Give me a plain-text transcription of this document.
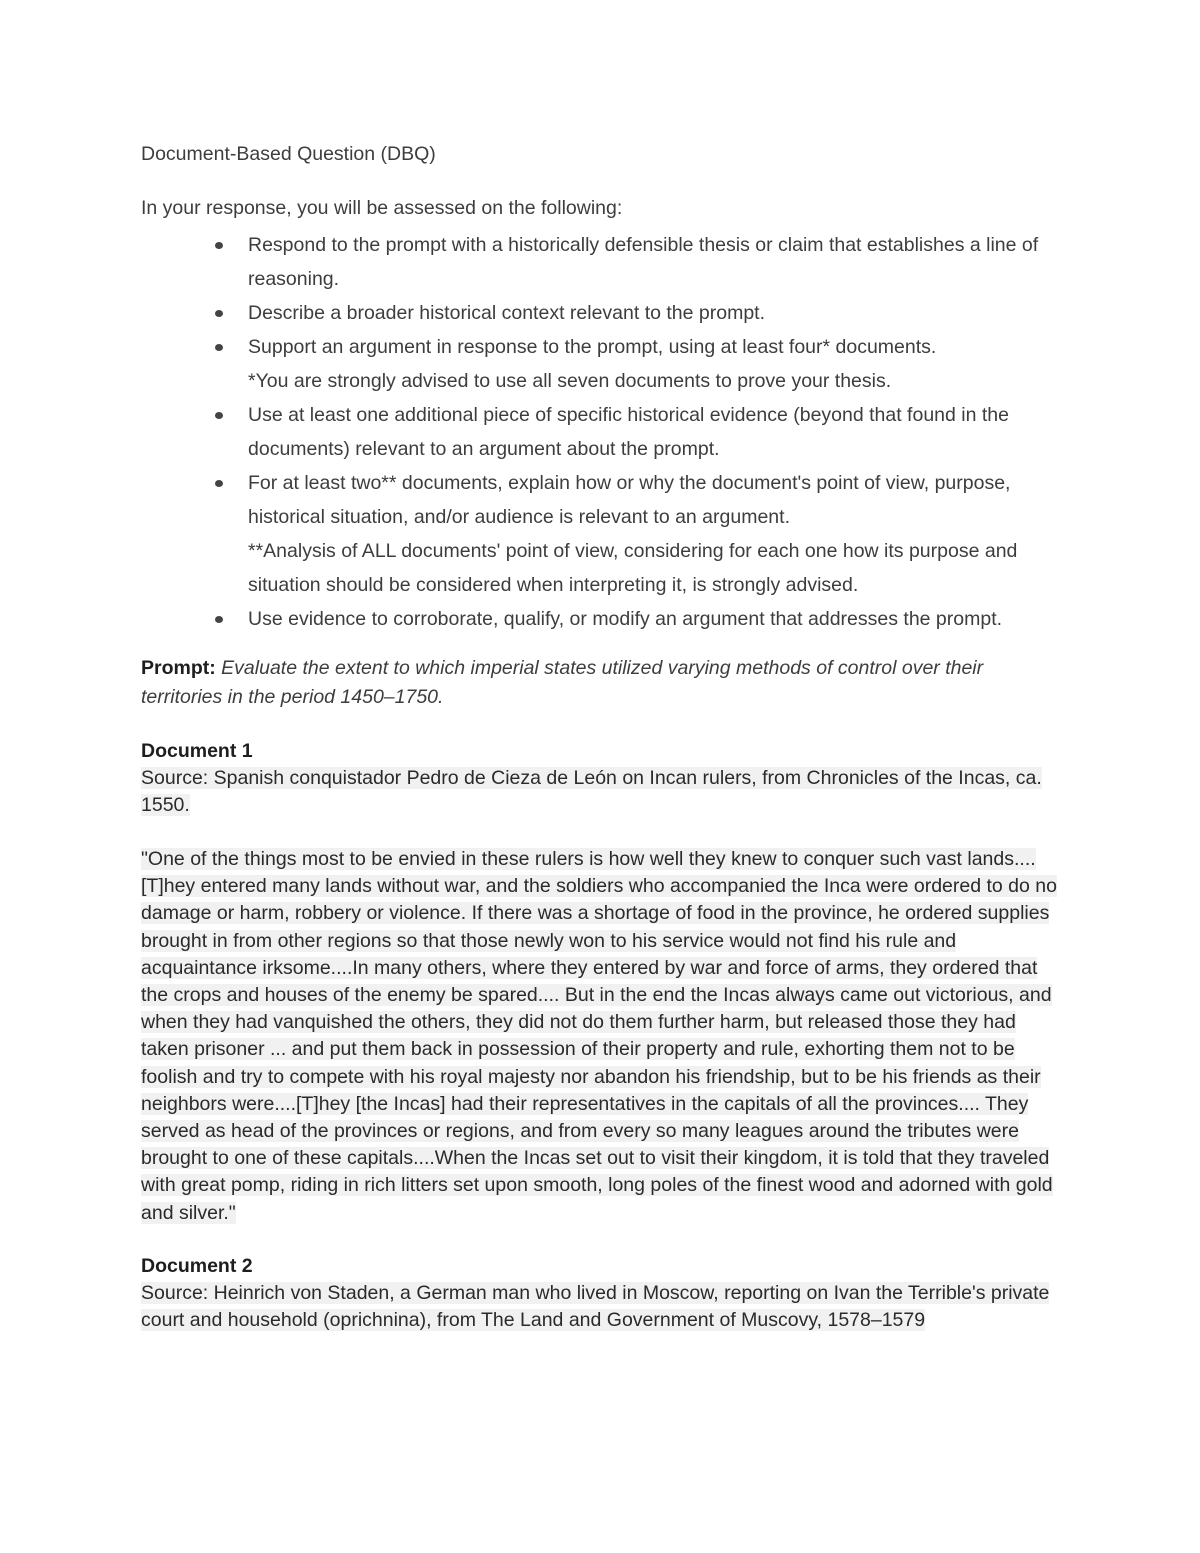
Document-Based Question (DBQ)

In your response, you will be assessed on the following:

Respond to the prompt with a historically defensible thesis or claim that establishes a line of reasoning.
Describe a broader historical context relevant to the prompt.
Support an argument in response to the prompt, using at least four* documents.
*You are strongly advised to use all seven documents to prove your thesis.
Use at least one additional piece of specific historical evidence (beyond that found in the documents) relevant to an argument about the prompt.
For at least two** documents, explain how or why the document's point of view, purpose, historical situation, and/or audience is relevant to an argument.
**Analysis of ALL documents' point of view, considering for each one how its purpose and situation should be considered when interpreting it, is strongly advised.
Use evidence to corroborate, qualify, or modify an argument that addresses the prompt.

Prompt: Evaluate the extent to which imperial states utilized varying methods of control over their territories in the period 1450–1750.

Document 1

Source: Spanish conquistador Pedro de Cieza de León on Incan rulers, from Chronicles of the Incas, ca. 1550.

"One of the things most to be envied in these rulers is how well they knew to conquer such vast lands....[T]hey entered many lands without war, and the soldiers who accompanied the Inca were ordered to do no damage or harm, robbery or violence. If there was a shortage of food in the province, he ordered supplies brought in from other regions so that those newly won to his service would not find his rule and acquaintance irksome....In many others, where they entered by war and force of arms, they ordered that the crops and houses of the enemy be spared.... But in the end the Incas always came out victorious, and when they had vanquished the others, they did not do them further harm, but released those they had taken prisoner ... and put them back in possession of their property and rule, exhorting them not to be foolish and try to compete with his royal majesty nor abandon his friendship, but to be his friends as their neighbors were....[T]hey [the Incas] had their representatives in the capitals of all the provinces.... They served as head of the provinces or regions, and from every so many leagues around the tributes were brought to one of these capitals....When the Incas set out to visit their kingdom, it is told that they traveled with great pomp, riding in rich litters set upon smooth, long poles of the finest wood and adorned with gold and silver."

Document 2

Source: Heinrich von Staden, a German man who lived in Moscow, reporting on Ivan the Terrible's private court and household (oprichnina), from The Land and Government of Muscovy, 1578–1579
